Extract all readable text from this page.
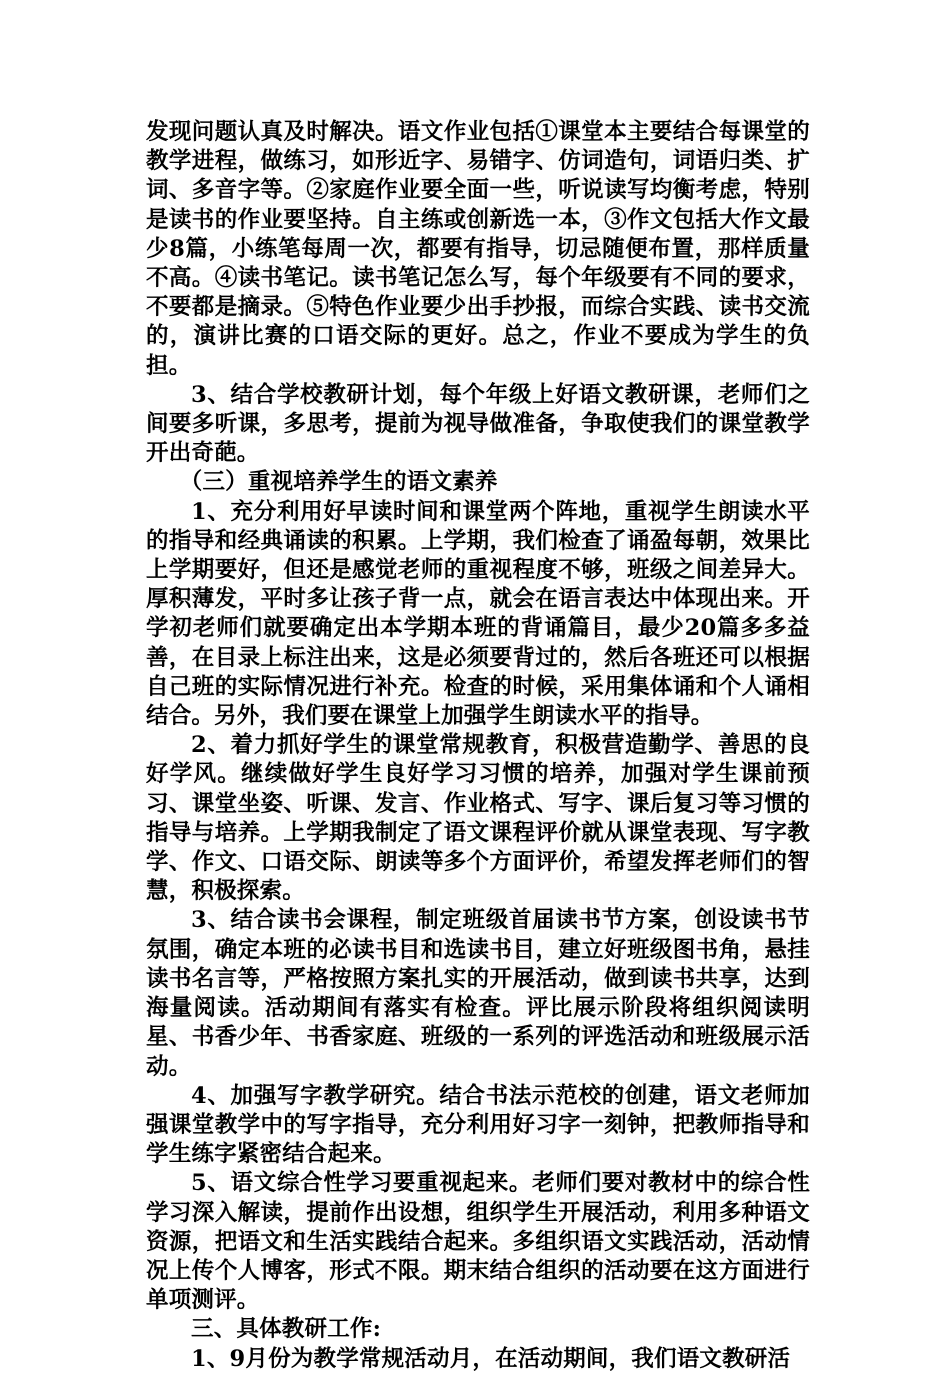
发现问题认真及时解决。语文作业包括①课堂本主要结合每课堂的教学进程，做练习，如形近字、易错字、仿词造句，词语归类、扩词、多音字等。②家庭作业要全面一些，听说读写均衡考虑，特别是读书的作业要坚持。自主练或创新选一本，③作文包括大作文最少8篇，小练笔每周一次，都要有指导，切忌随便布置，那样质量不高。④读书笔记。读书笔记怎么写，每个年级要有不同的要求，不要都是摘录。⑤特色作业要少出手抄报，而综合实践、读书交流的，演讲比赛的口语交际的更好。总之，作业不要成为学生的负担。

3、结合学校教研计划，每个年级上好语文教研课，老师们之间要多听课，多思考，提前为视导做准备，争取使我们的课堂教学开出奇葩。

（三）重视培养学生的语文素养

1、充分利用好早读时间和课堂两个阵地，重视学生朗读水平的指导和经典诵读的积累。上学期，我们检查了诵盈每朝，效果比上学期要好，但还是感觉老师的重视程度不够，班级之间差异大。厚积薄发，平时多让孩子背一点，就会在语言表达中体现出来。开学初老师们就要确定出本学期本班的背诵篇目，最少20篇多多益善，在目录上标注出来，这是必须要背过的，然后各班还可以根据自己班的实际情况进行补充。检查的时候，采用集体诵和个人诵相结合。另外，我们要在课堂上加强学生朗读水平的指导。

2、着力抓好学生的课堂常规教育，积极营造勤学、善思的良好学风。继续做好学生良好学习习惯的培养，加强对学生课前预习、课堂坐姿、听课、发言、作业格式、写字、课后复习等习惯的指导与培养。上学期我制定了语文课程评价就从课堂表现、写字教学、作文、口语交际、朗读等多个方面评价，希望发挥老师们的智慧，积极探索。

3、结合读书会课程，制定班级首届读书节方案，创设读书节氛围，确定本班的必读书目和选读书目，建立好班级图书角，悬挂读书名言等，严格按照方案扎实的开展活动，做到读书共享，达到海量阅读。活动期间有落实有检查。评比展示阶段将组织阅读明星、书香少年、书香家庭、班级的一系列的评选活动和班级展示活动。

4、加强写字教学研究。结合书法示范校的创建，语文老师加强课堂教学中的写字指导，充分利用好习字一刻钟，把教师指导和学生练字紧密结合起来。

5、语文综合性学习要重视起来。老师们要对教材中的综合性学习深入解读，提前作出设想，组织学生开展活动，利用多种语文资源，把语文和生活实践结合起来。多组织语文实践活动，活动情况上传个人博客，形式不限。期末结合组织的活动要在这方面进行单项测评。

三、具体教研工作:

1、9月份为教学常规活动月，在活动期间，我们语文教研活
